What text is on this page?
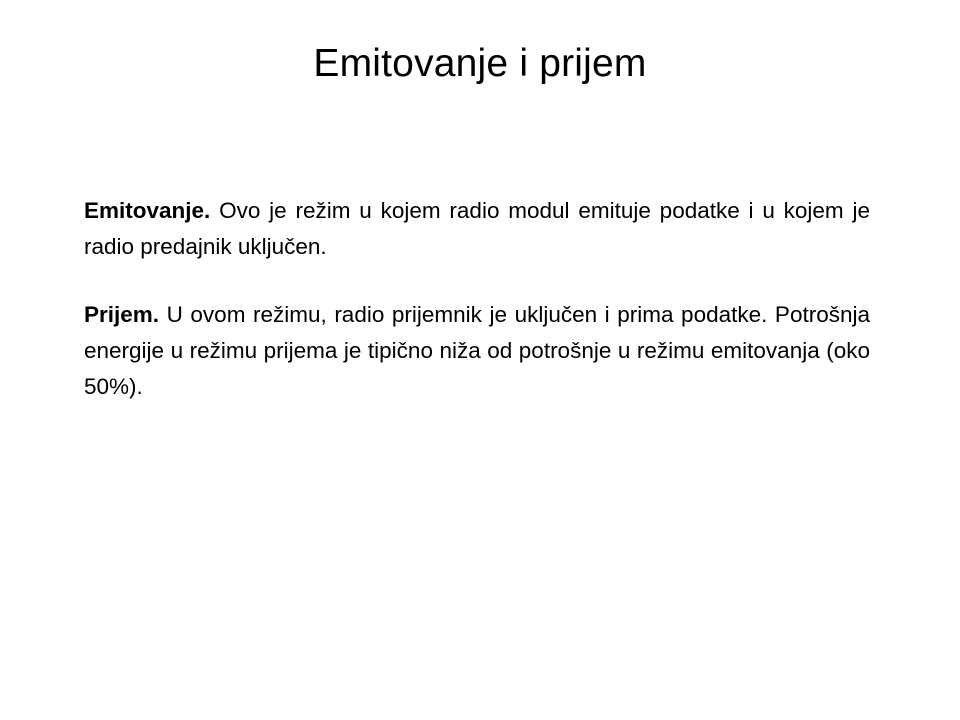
Emitovanje i prijem

Emitovanje. Ovo je režim u kojem radio modul emituje podatke i u kojem je radio predajnik uključen.

Prijem. U ovom režimu, radio prijemnik je uključen i prima podatke. Potrošnja energije u režimu prijema je tipično niža od potrošnje u režimu emitovanja (oko 50%).
